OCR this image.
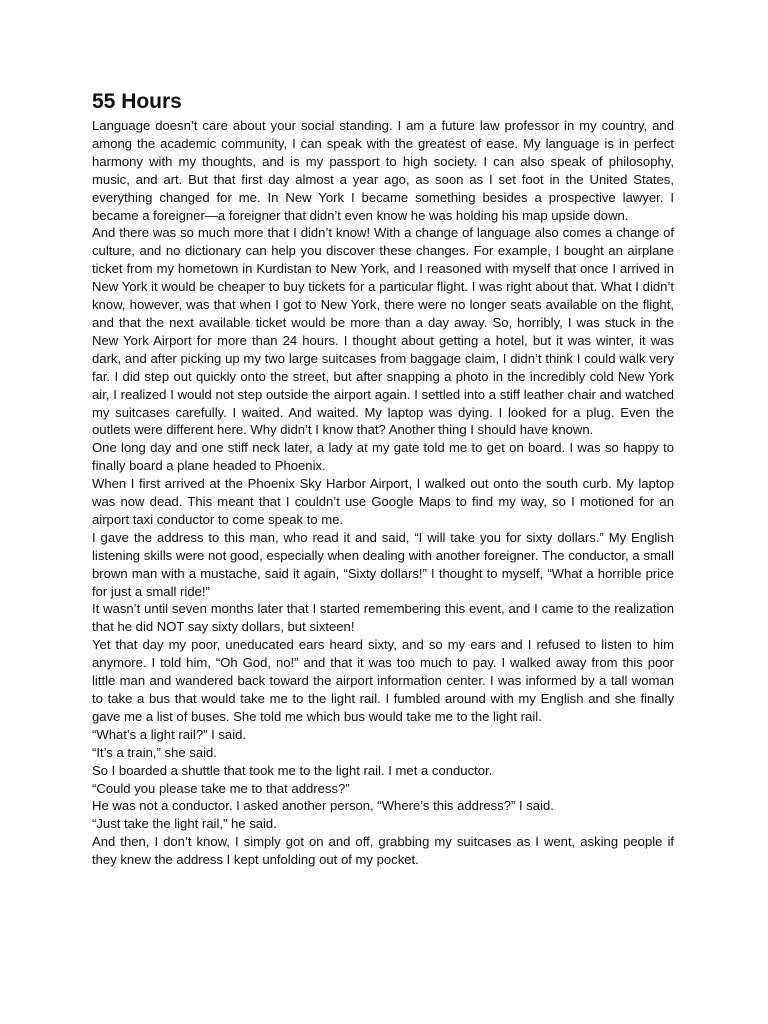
55 Hours

Language doesn’t care about your social standing. I am a future law professor in my country, and among the academic community, I can speak with the greatest of ease. My language is in perfect harmony with my thoughts, and is my passport to high society. I can also speak of philosophy, music, and art. But that first day almost a year ago, as soon as I set foot in the United States, everything changed for me. In New York I became something besides a prospective lawyer. I became a foreigner—a foreigner that didn’t even know he was holding his map upside down.

And there was so much more that I didn’t know! With a change of language also comes a change of culture, and no dictionary can help you discover these changes. For example, I bought an airplane ticket from my hometown in Kurdistan to New York, and I reasoned with myself that once I arrived in New York it would be cheaper to buy tickets for a particular flight. I was right about that. What I didn’t know, however, was that when I got to New York, there were no longer seats available on the flight, and that the next available ticket would be more than a day away. So, horribly, I was stuck in the New York Airport for more than 24 hours. I thought about getting a hotel, but it was winter, it was dark, and after picking up my two large suitcases from baggage claim, I didn’t think I could walk very far. I did step out quickly onto the street, but after snapping a photo in the incredibly cold New York air, I realized I would not step outside the airport again. I settled into a stiff leather chair and watched my suitcases carefully. I waited. And waited. My laptop was dying. I looked for a plug. Even the outlets were different here. Why didn’t I know that? Another thing I should have known.

One long day and one stiff neck later, a lady at my gate told me to get on board. I was so happy to finally board a plane headed to Phoenix.

When I first arrived at the Phoenix Sky Harbor Airport, I walked out onto the south curb. My laptop was now dead. This meant that I couldn’t use Google Maps to find my way, so I motioned for an airport taxi conductor to come speak to me.

I gave the address to this man, who read it and said, “I will take you for sixty dollars.” My English listening skills were not good, especially when dealing with another foreigner. The conductor, a small brown man with a mustache, said it again, “Sixty dollars!” I thought to myself, “What a horrible price for just a small ride!”

It wasn’t until seven months later that I started remembering this event, and I came to the realization that he did NOT say sixty dollars, but sixteen!

Yet that day my poor, uneducated ears heard sixty, and so my ears and I refused to listen to him anymore. I told him, “Oh God, no!” and that it was too much to pay. I walked away from this poor little man and wandered back toward the airport information center. I was informed by a tall woman to take a bus that would take me to the light rail. I fumbled around with my English and she finally gave me a list of buses. She told me which bus would take me to the light rail.

“What’s a light rail?” I said.

“It’s a train,” she said.

So I boarded a shuttle that took me to the light rail. I met a conductor.

“Could you please take me to that address?”

He was not a conductor. I asked another person, “Where’s this address?” I said.

“Just take the light rail,” he said.

And then, I don’t know, I simply got on and off, grabbing my suitcases as I went, asking people if they knew the address I kept unfolding out of my pocket.
